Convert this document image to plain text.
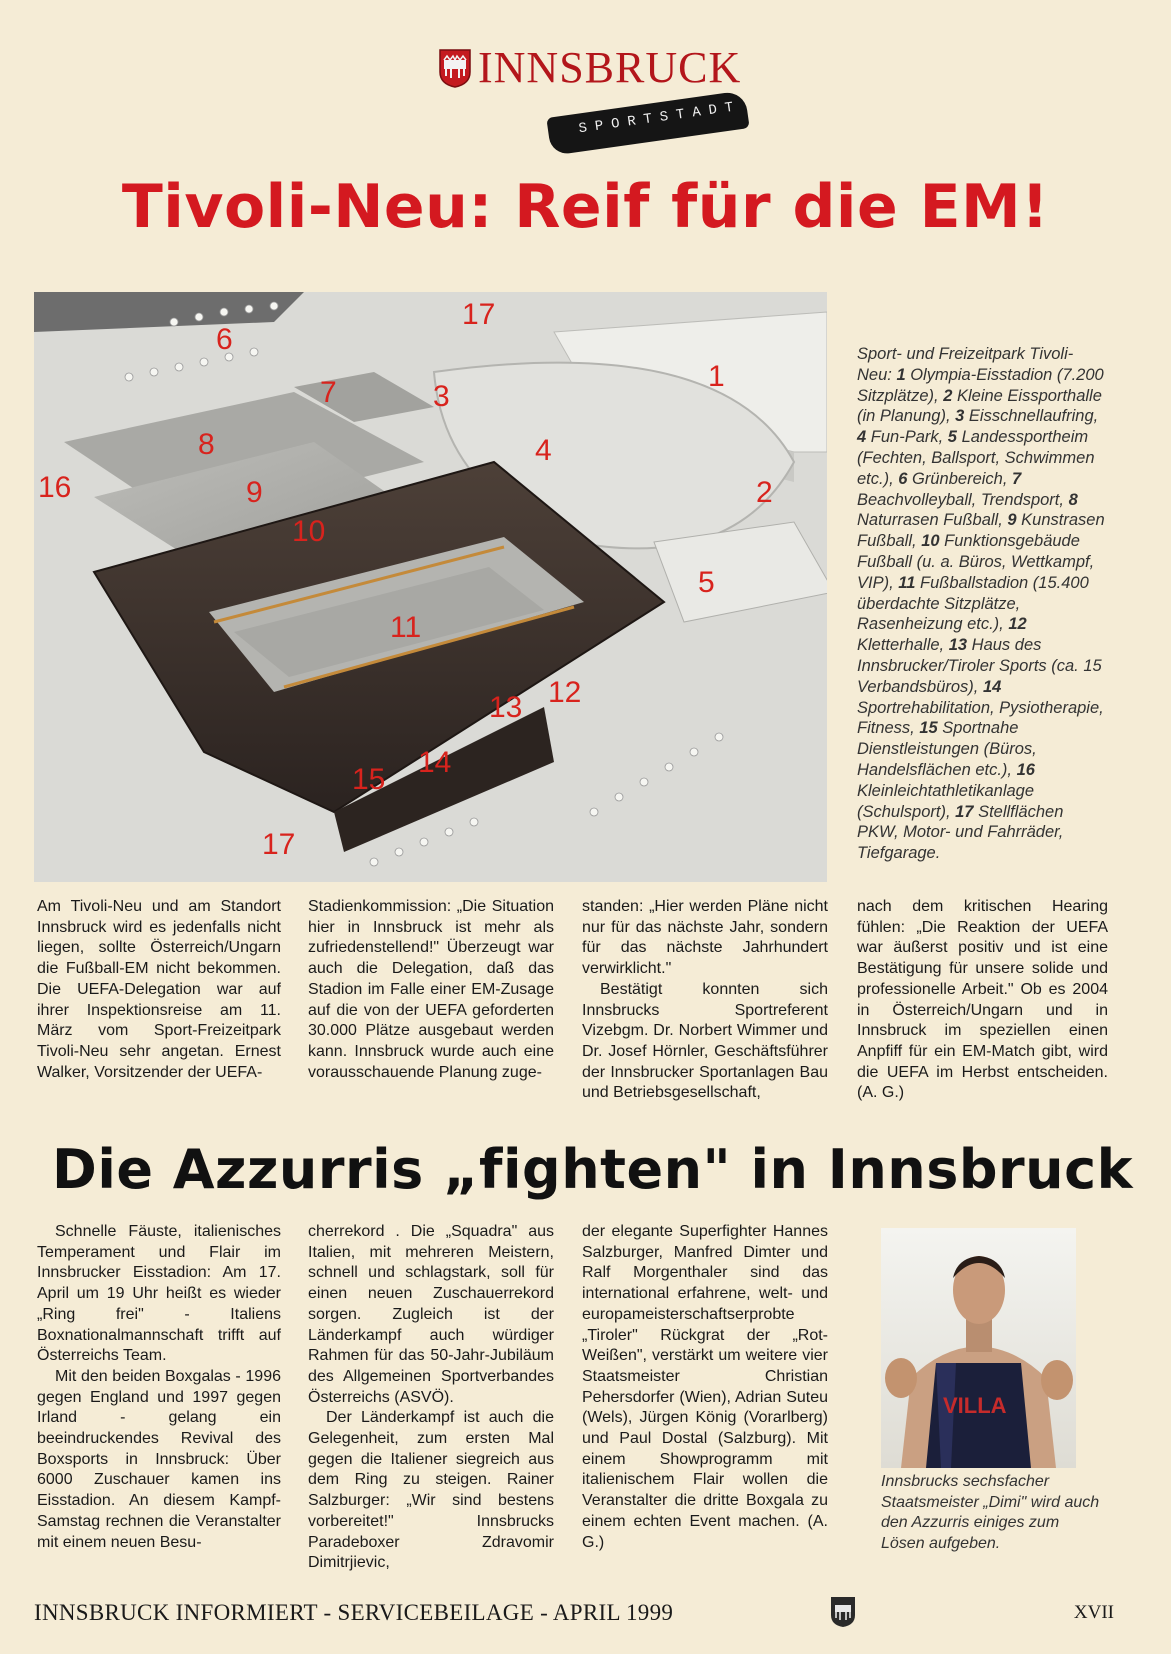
INNSBRUCK
SPORTSTADT
Tivoli-Neu: Reif für die EM!
17
6
1
7	3
8	4
16	9	2
10
5
11
12
13
14
15
17
Sport- und Freizeitpark Tivoli-Neu: 1 Olympia-Eisstadion (7.200 Sitzplätze), 2 Kleine Eissporthalle (in Planung), 3 Eisschnellaufring, 4 Fun-Park, 5 Landessportheim (Fechten, Ballsport, Schwimmen etc.), 6 Grünbereich, 7 Beachvolleyball, Trendsport, 8 Naturrasen Fußball, 9 Kunstrasen Fußball, 10 Funktionsgebäude Fußball (u. a. Büros, Wettkampf, VIP), 11 Fußballstadion (15.400 überdachte Sitzplätze, Rasenheizung etc.), 12 Kletterhalle, 13 Haus des Innsbrucker/Tiroler Sports (ca. 15 Verbandsbüros), 14 Sportrehabilitation, Pysiotherapie, Fitness, 15 Sportnahe Dienstleistungen (Büros, Handelsflächen etc.), 16 Kleinleichtathletikanlage (Schulsport), 17 Stellflächen PKW, Motor- und Fahrräder, Tiefgarage.

Am Tivoli-Neu und am Standort Innsbruck wird es jedenfalls nicht liegen, sollte Österreich/Ungarn die Fußball-EM nicht bekommen. Die UEFA-Delegation war auf ihrer Inspektionsreise am 11. März vom Sport-Freizeitpark Tivoli-Neu sehr angetan. Ernest Walker, Vorsitzender der UEFA-

Stadienkommission: „Die Situation hier in Innsbruck ist mehr als zufriedenstellend!" Überzeugt war auch die Delegation, daß das Stadion im Falle einer EM-Zusage auf die von der UEFA geforderten 30.000 Plätze ausgebaut werden kann. Innsbruck wurde auch eine vorausschauende Planung zuge-

standen: „Hier werden Pläne nicht nur für das nächste Jahr, sondern für das nächste Jahrhundert verwirklicht."

Bestätigt konnten sich Innsbrucks Sportreferent Vizebgm. Dr. Norbert Wimmer und Dr. Josef Hörnler, Geschäftsführer der Innsbrucker Sportanlagen Bau und Betriebsgesellschaft,

nach dem kritischen Hearing fühlen: „Die Reaktion der UEFA war äußerst positiv und ist eine Bestätigung für unsere solide und professionelle Arbeit." Ob es 2004 in Österreich/Ungarn und in Innsbruck im speziellen einen Anpfiff für ein EM-Match gibt, wird die UEFA im Herbst entscheiden. (A. G.)

Die Azzurris „fighten" in Innsbruck

Schnelle Fäuste, italienisches Temperament und Flair im Innsbrucker Eisstadion: Am 17. April um 19 Uhr heißt es wieder „Ring frei" - Italiens Boxnationalmannschaft trifft auf Österreichs Team.

Mit den beiden Boxgalas - 1996 gegen England und 1997 gegen Irland - gelang ein beeindruckendes Revival des Boxsports in Innsbruck: Über 6000 Zuschauer kamen ins Eisstadion. An diesem Kampf-Samstag rechnen die Veranstalter mit einem neuen Besu-

cherrekord . Die „Squadra" aus Italien, mit mehreren Meistern, schnell und schlagstark, soll für einen neuen Zuschauerrekord sorgen. Zugleich ist der Länderkampf auch würdiger Rahmen für das 50-Jahr-Jubiläum des Allgemeinen Sportverbandes Österreichs (ASVÖ).

Der Länderkampf ist auch die Gelegenheit, zum ersten Mal gegen die Italiener siegreich aus dem Ring zu steigen. Rainer Salzburger: „Wir sind bestens vorbereitet!" Innsbrucks Paradeboxer Zdravomir Dimitrjievic,

der elegante Superfighter Hannes Salzburger, Manfred Dimter und Ralf Morgenthaler sind das international erfahrene, welt- und europameisterschaftserprobte „Tiroler" Rückgrat der „Rot-Weißen", verstärkt um weitere vier Staatsmeister Christian Pehersdorfer (Wien), Adrian Suteu (Wels), Jürgen König (Vorarlberg) und Paul Dostal (Salzburg). Mit einem Showprogramm mit italienischem Flair wollen die Veranstalter die dritte Boxgala zu einem echten Event machen. (A. G.)

VILLA
Innsbrucks sechsfacher Staatsmeister „Dimi" wird auch den Azzurris einiges zum Lösen aufgeben.
INNSBRUCK INFORMIERT - SERVICEBEILAGE - APRIL 1999	XVII
